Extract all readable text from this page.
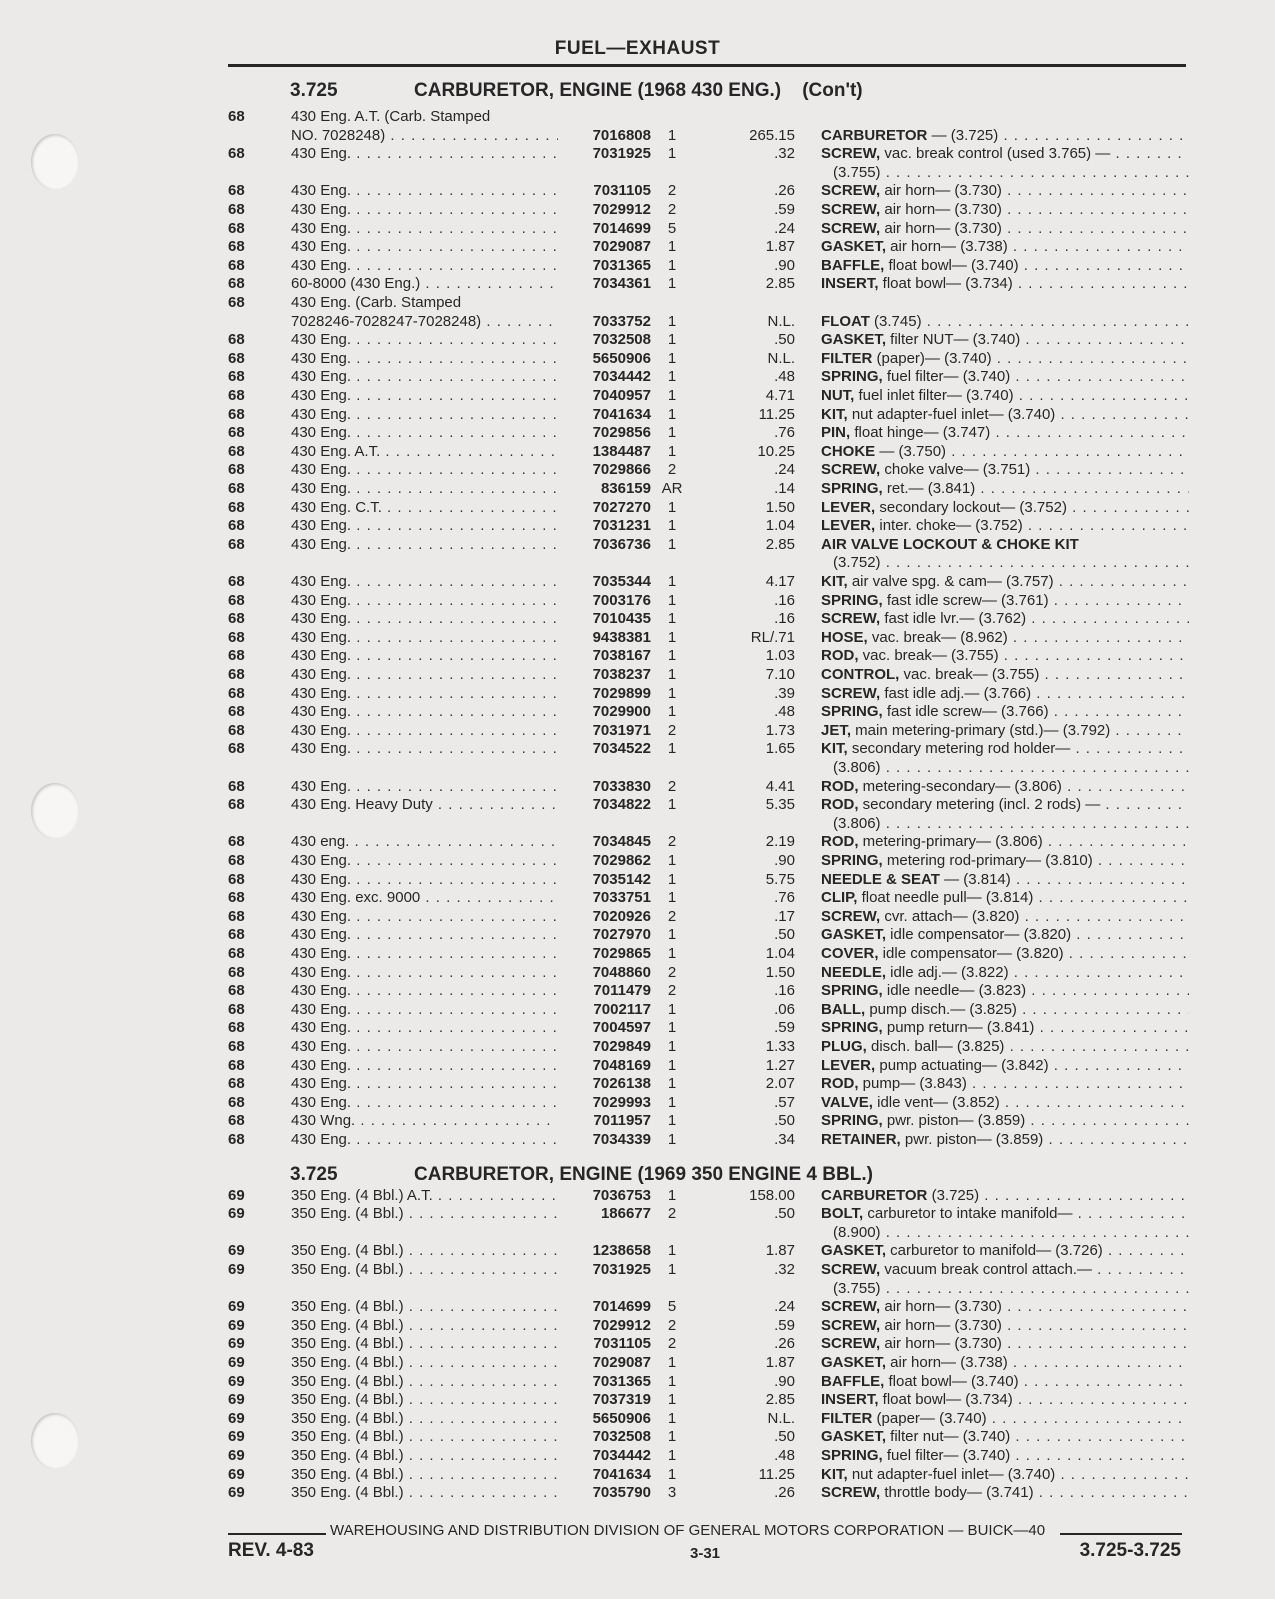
FUEL—EXHAUST
3.725	CARBURETOR, ENGINE (1968 430 ENG.)    (Con't)
3.725	CARBURETOR, ENGINE (1969 350 ENGINE 4 BBL.)
68	430 Eng. A.T. (Carb. Stamped
NO. 7028248) . . .	7016808	1	265.15 CARBURETOR — (3.725) . . .
68	430 Eng. . . .	7031925	1	.32 SCREW, vac. break control (used 3.765) — . . .
(3.755) . . .
68	430 Eng. . . .	7031105	2	.26 SCREW, air horn— (3.730) . . .
68	430 Eng. . . .	7029912	2	.59 SCREW, air horn— (3.730) . . .
68	430 Eng. . . .	7014699	5	.24 SCREW, air horn— (3.730) . . .
68	430 Eng. . . .	7029087	1	1.87 GASKET, air horn— (3.738) . . .
68	430 Eng. . . .	7031365	1	.90 BAFFLE, float bowl— (3.740) . . .
68	60-8000 (430 Eng.) . . .	7034361	1	2.85 INSERT, float bowl— (3.734) . . .
68	430 Eng. (Carb. Stamped
7028246-7028247-7028248) . . .	7033752	1	N.L. FLOAT (3.745) . . .
68	430 Eng. . . .	7032508	1	.50 GASKET, filter NUT— (3.740) . . .
68	430 Eng. . . .	5650906	1	N.L. FILTER (paper)— (3.740) . . .
68	430 Eng. . . .	7034442	1	.48 SPRING, fuel filter— (3.740) . . .
68	430 Eng. . . .	7040957	1	4.71 NUT, fuel inlet filter— (3.740) . . .
68	430 Eng. . . .	7041634	1	11.25 KIT, nut adapter-fuel inlet— (3.740) . . .
68	430 Eng. . . .	7029856	1	.76 PIN, float hinge— (3.747) . . .
68	430 Eng. A.T. . . .	1384487	1	10.25 CHOKE — (3.750) . . .
68	430 Eng. . . .	7029866	2	.24 SCREW, choke valve— (3.751) . . .
68	430 Eng. . . .	836159 AR	.14 SPRING, ret.— (3.841) . . .
68	430 Eng. C.T. . . .	7027270	1	1.50 LEVER, secondary lockout— (3.752) . . .
68	430 Eng. . . .	7031231	1	1.04 LEVER, inter. choke— (3.752) . . .
68	430 Eng. . . .	7036736	1	2.85 AIR VALVE LOCKOUT & CHOKE KIT
(3.752) . . .
68	430 Eng. . . .	7035344	1	4.17 KIT, air valve spg. & cam— (3.757) . . .
68	430 Eng. . . .	7003176	1	.16 SPRING, fast idle screw— (3.761) . . .
68	430 Eng. . . .	7010435	1	.16 SCREW, fast idle lvr.— (3.762) . . .
68	430 Eng. . . .	9438381	1	RL/.71 HOSE, vac. break— (8.962) . . .
68	430 Eng. . . .	7038167	1	1.03 ROD, vac. break— (3.755) . . .
68	430 Eng. . . .	7038237	1	7.10 CONTROL, vac. break— (3.755) . . .
68	430 Eng. . . .	7029899	1	.39 SCREW, fast idle adj.— (3.766) . . .
68	430 Eng. . . .	7029900	1	.48 SPRING, fast idle screw— (3.766) . . .
68	430 Eng. . . .	7031971	2	1.73 JET, main metering-primary (std.)— (3.792) . . .
68	430 Eng. . . .	7034522	1	1.65 KIT, secondary metering rod holder— . . .
(3.806) . . .
68	430 Eng. . . .	7033830	2	4.41 ROD, metering-secondary— (3.806) . . .
68	430 Eng. Heavy Duty . . .	7034822	1	5.35 ROD, secondary metering (incl. 2 rods) — . . .
(3.806) . . .
68	430 eng. . . .	7034845	2	2.19 ROD, metering-primary— (3.806) . . .
68	430 Eng. . . .	7029862	1	.90 SPRING, metering rod-primary— (3.810) . . .
68	430 Eng. . . .	7035142	1	5.75 NEEDLE & SEAT — (3.814) . . .
68	430 Eng. exc. 9000 . . .	7033751	1	.76 CLIP, float needle pull— (3.814) . . .
68	430 Eng. . . .	7020926	2	.17 SCREW, cvr. attach— (3.820) . . .
68	430 Eng. . . .	7027970	1	.50 GASKET, idle compensator— (3.820) . . .
68	430 Eng. . . .	7029865	1	1.04 COVER, idle compensator— (3.820) . . .
68	430 Eng. . . .	7048860	2	1.50 NEEDLE, idle adj.— (3.822) . . .
68	430 Eng. . . .	7011479	2	.16 SPRING, idle needle— (3.823) . . .
68	430 Eng. . . .	7002117	1	.06 BALL, pump disch.— (3.825) . . .
68	430 Eng. . . .	7004597	1	.59 SPRING, pump return— (3.841) . . .
68	430 Eng. . . .	7029849	1	1.33 PLUG, disch. ball— (3.825) . . .
68	430 Eng. . . .	7048169	1	1.27 LEVER, pump actuating— (3.842) . . .
68	430 Eng. . . .	7026138	1	2.07 ROD, pump— (3.843) . . .
68	430 Eng. . . .	7029993	1	.57 VALVE, idle vent— (3.852) . . .
68	430 Wng. . . .	7011957	1	.50 SPRING, pwr. piston— (3.859) . . .
68	430 Eng. . . .	7034339	1	.34 RETAINER, pwr. piston— (3.859) . . .
69	350 Eng. (4 Bbl.) A.T. . . .	7036753	1	158.00 CARBURETOR (3.725) . . .
69	350 Eng. (4 Bbl.) . . .	186677	2	.50 BOLT, carburetor to intake manifold— . . .
(8.900) . . .
69	350 Eng. (4 Bbl.) . . .	1238658	1	1.87 GASKET, carburetor to manifold— (3.726) . . .
69	350 Eng. (4 Bbl.) . . .	7031925	1	.32 SCREW, vacuum break control attach.— . . .
(3.755) . . .
69	350 Eng. (4 Bbl.) . . .	7014699	5	.24 SCREW, air horn— (3.730) . . .
69	350 Eng. (4 Bbl.) . . .	7029912	2	.59 SCREW, air horn— (3.730) . . .
69	350 Eng. (4 Bbl.) . . .	7031105	2	.26 SCREW, air horn— (3.730) . . .
69	350 Eng. (4 Bbl.) . . .	7029087	1	1.87 GASKET, air horn— (3.738) . . .
69	350 Eng. (4 Bbl.) . . .	7031365	1	.90 BAFFLE, float bowl— (3.740) . . .
69	350 Eng. (4 Bbl.) . . .	7037319	1	2.85 INSERT, float bowl— (3.734) . . .
69	350 Eng. (4 Bbl.) . . .	5650906	1	N.L. FILTER (paper— (3.740) . . .
69	350 Eng. (4 Bbl.) . . .	7032508	1	.50 GASKET, filter nut— (3.740) . . .
69	350 Eng. (4 Bbl.) . . .	7034442	1	.48 SPRING, fuel filter— (3.740) . . .
69	350 Eng. (4 Bbl.) . . .	7041634	1	11.25 KIT, nut adapter-fuel inlet— (3.740) . . .
69	350 Eng. (4 Bbl.) . . .	7035790	3	.26 SCREW, throttle body— (3.741) . . .
WAREHOUSING AND DISTRIBUTION DIVISION OF GENERAL MOTORS CORPORATION — BUICK—40
REV. 4-83	3-31	3.725-3.725
